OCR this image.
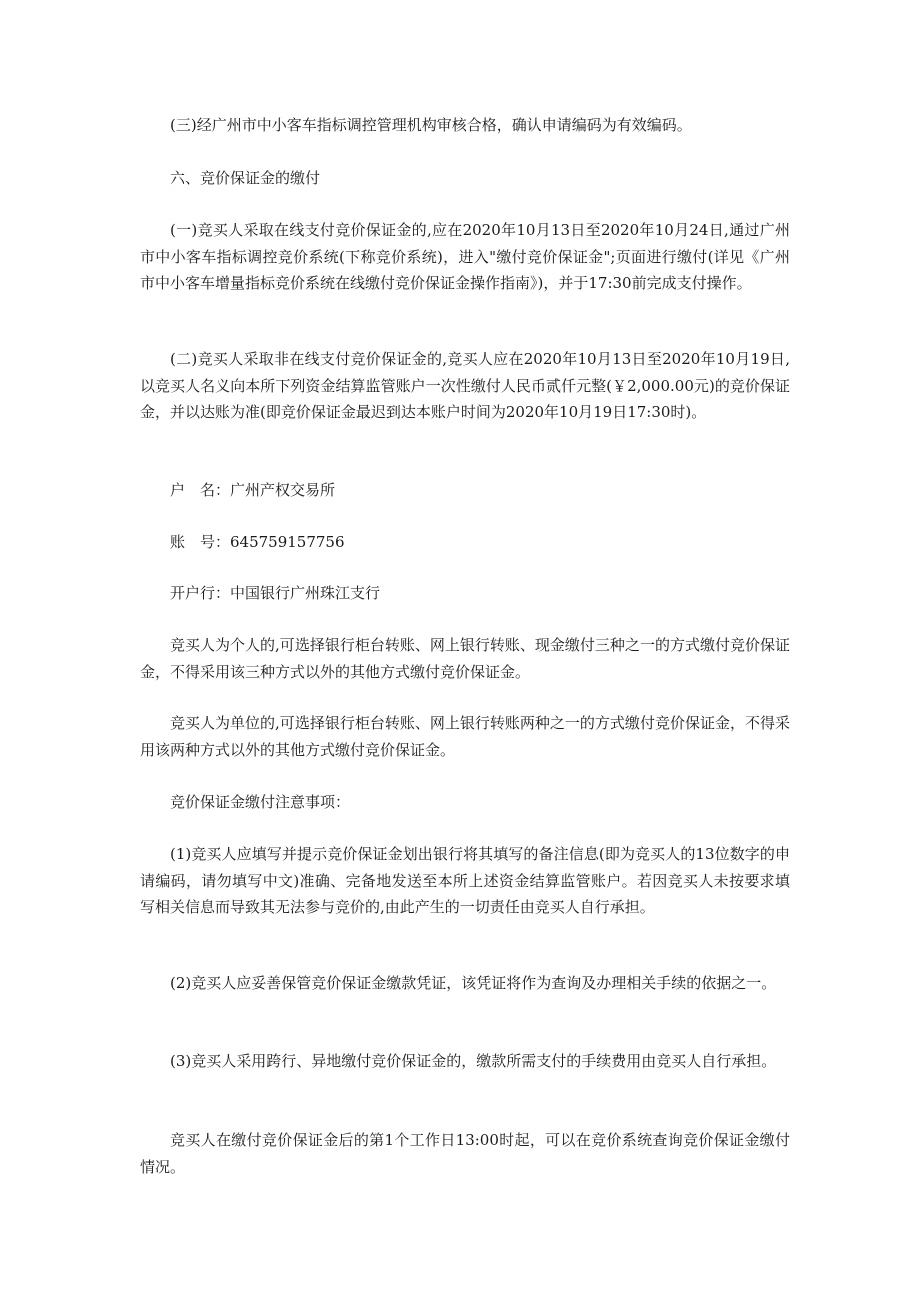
(三)经广州市中小客车指标调控管理机构审核合格，确认申请编码为有效编码。

六、竞价保证金的缴付

(一)竞买人采取在线支付竞价保证金的,应在2020年10月13日至2020年10月24日,通过广州市中小客车指标调控竞价系统(下称竞价系统)，进入"缴付竞价保证金";页面进行缴付(详见《广州市中小客车增量指标竞价系统在线缴付竞价保证金操作指南》)，并于17:30前完成支付操作。

(二)竞买人采取非在线支付竞价保证金的,竞买人应在2020年10月13日至2020年10月19日,以竞买人名义向本所下列资金结算监管账户一次性缴付人民币贰仟元整(￥2,000.00元)的竞价保证金，并以达账为准(即竞价保证金最迟到达本账户时间为2020年10月19日17:30时)。

户　名：广州产权交易所

账　号：645759157756

开户行：中国银行广州珠江支行

竞买人为个人的,可选择银行柜台转账、网上银行转账、现金缴付三种之一的方式缴付竞价保证金，不得采用该三种方式以外的其他方式缴付竞价保证金。

竞买人为单位的,可选择银行柜台转账、网上银行转账两种之一的方式缴付竞价保证金，不得采用该两种方式以外的其他方式缴付竞价保证金。

竞价保证金缴付注意事项：

(1)竞买人应填写并提示竞价保证金划出银行将其填写的备注信息(即为竞买人的13位数字的申请编码，请勿填写中文)准确、完备地发送至本所上述资金结算监管账户。若因竞买人未按要求填写相关信息而导致其无法参与竞价的,由此产生的一切责任由竞买人自行承担。

(2)竞买人应妥善保管竞价保证金缴款凭证，该凭证将作为查询及办理相关手续的依据之一。

(3)竞买人采用跨行、异地缴付竞价保证金的，缴款所需支付的手续费用由竞买人自行承担。

竞买人在缴付竞价保证金后的第1个工作日13:00时起，可以在竞价系统查询竞价保证金缴付情况。
